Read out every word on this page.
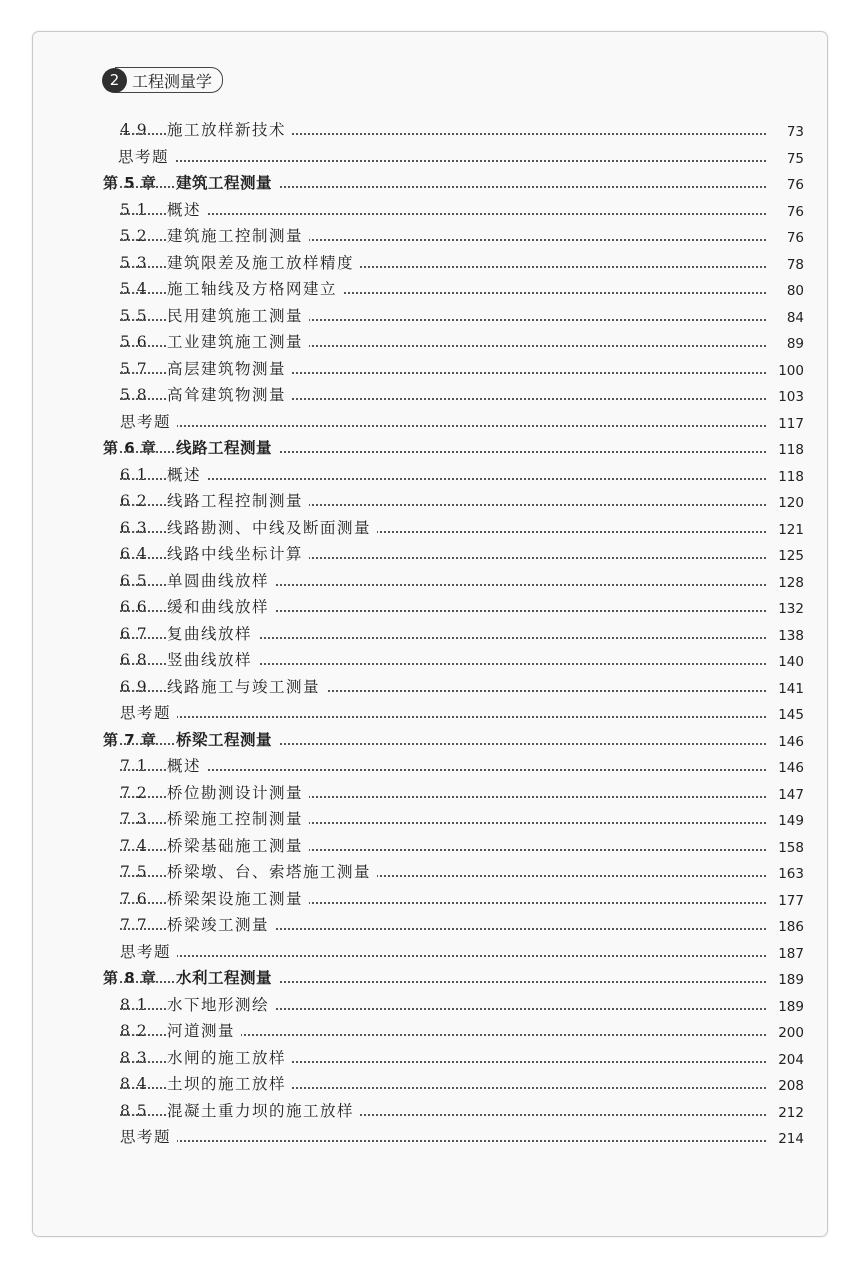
2 工程测量学
4.9 施工放样新技术	73
思考题	75
第 5 章 建筑工程测量	76
5.1 概述	76
5.2 建筑施工控制测量	76
5.3 建筑限差及施工放样精度	78
5.4 施工轴线及方格网建立	80
5.5 民用建筑施工测量	84
5.6 工业建筑施工测量	89
5.7 高层建筑物测量	100
5.8 高耸建筑物测量	103
思考题	117
第 6 章 线路工程测量	118
6.1 概述	118
6.2 线路工程控制测量	120
6.3 线路勘测、中线及断面测量	121
6.4 线路中线坐标计算	125
6.5 单圆曲线放样	128
6.6 缓和曲线放样	132
6.7 复曲线放样	138
6.8 竖曲线放样	140
6.9 线路施工与竣工测量	141
思考题	145
第 7 章 桥梁工程测量	146
7.1 概述	146
7.2 桥位勘测设计测量	147
7.3 桥梁施工控制测量	149
7.4 桥梁基础施工测量	158
7.5 桥梁墩、台、索塔施工测量	163
7.6 桥梁架设施工测量	177
7.7 桥梁竣工测量	186
思考题	187
第 8 章 水利工程测量	189
8.1 水下地形测绘	189
8.2 河道测量	200
8.3 水闸的施工放样	204
8.4 土坝的施工放样	208
8.5 混凝土重力坝的施工放样	212
思考题	214
